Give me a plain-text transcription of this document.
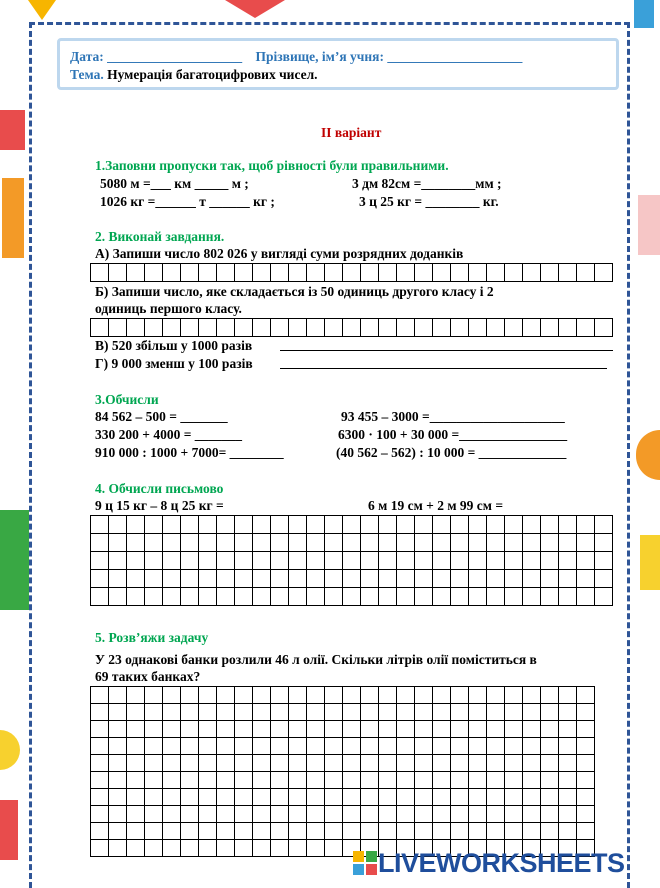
Дата: ____________________ Прізвище, ім’я учня: ____________________
Тема. Нумерація багатоцифрових чисел.
ІІ варіант
1.Заповни пропуски так, щоб рівності були правильними.
5080 м =___ км _____ м ;	3 дм 82см =________мм ;
1026 кг =______ т ______ кг ;	3 ц 25 кг = ________ кг.
2. Виконай завдання.
А) Запиши число 802 026 у вигляді суми розрядних доданків

Б) Запиши число, яке складається із 50 одиниць другого класу і 2
одиниць першого класу.

В) 520 збільш у 1000 разів
Г) 9 000 зменш у 100 разів
3.Обчисли
84 562 – 500 = _______	93 455 – 3000 =____________________
330 200 + 4000 = _______	6300 · 100 + 30 000 =________________
910 000 : 1000 + 7000= ________	(40 562 – 562) : 10 000 = _____________
4. Обчисли письмово
9 ц 15 кг – 8 ц 25 кг =	6 м 19 см + 2 м 99 см =

5. Розв’яжи задачу
У 23 однакові банки розлили 46 л олії. Скільки літрів олії поміститься в
69 таких банках?

LIVEWORKSHEETS
